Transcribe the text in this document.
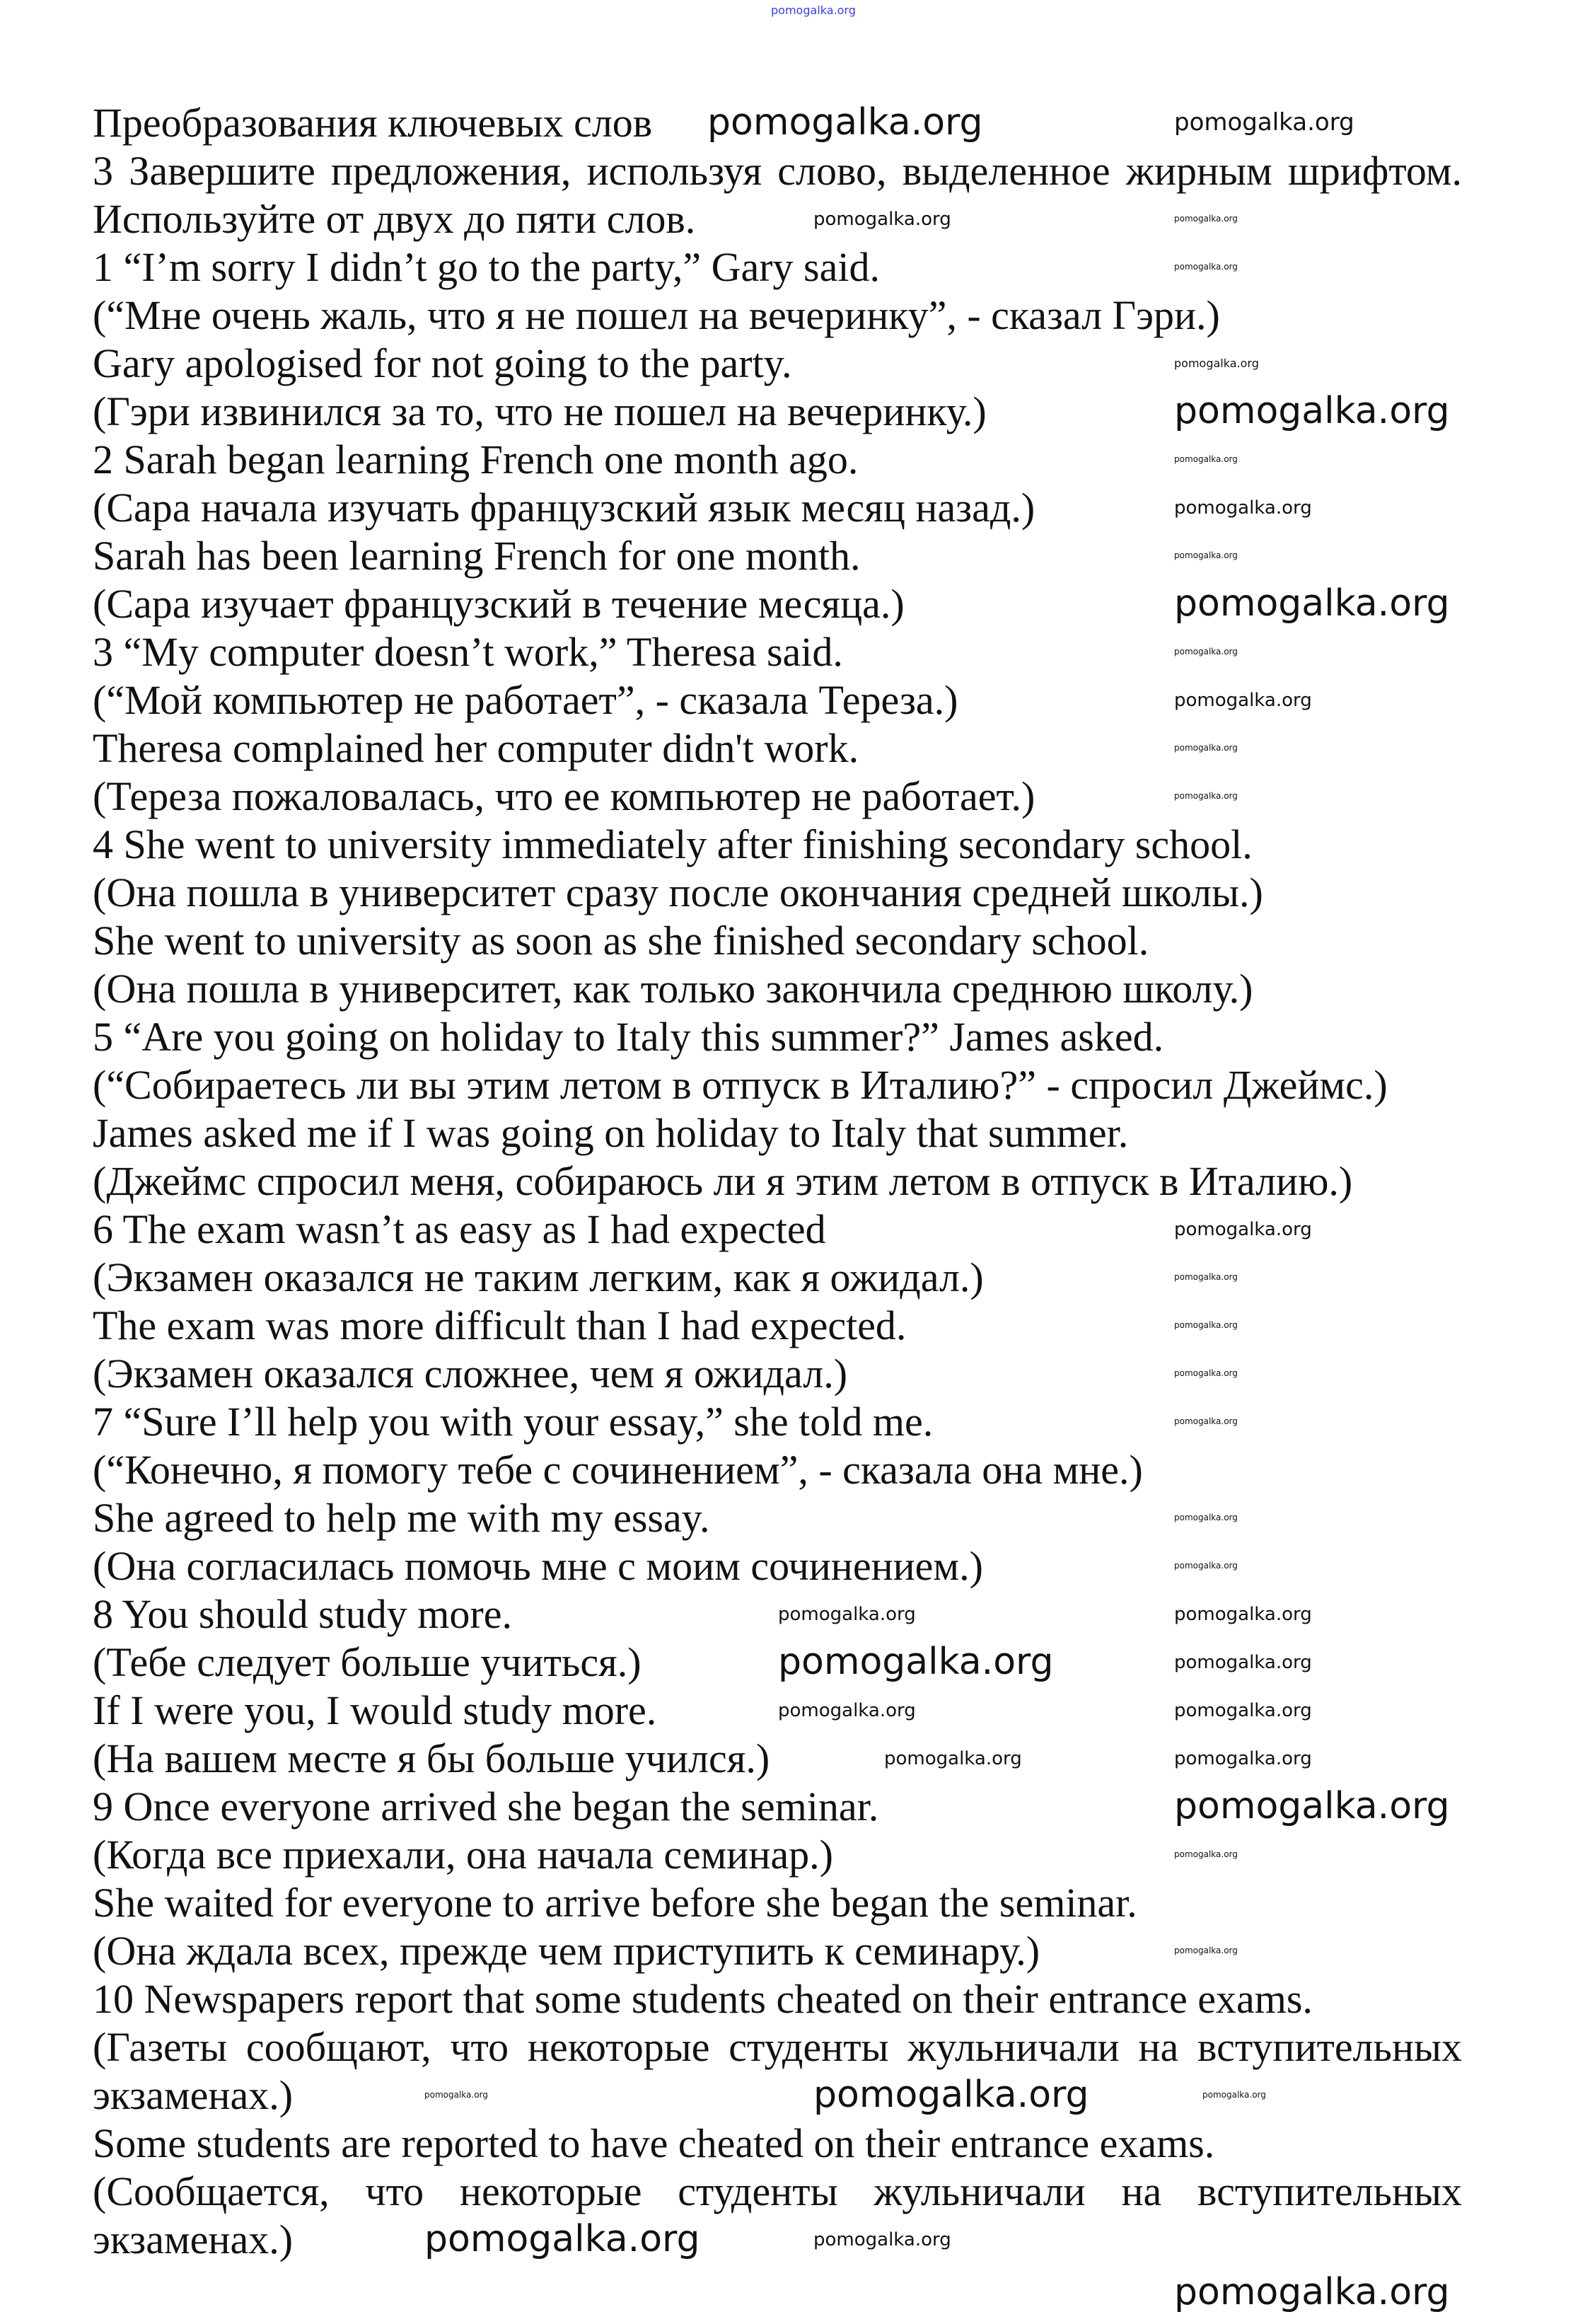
Преобразования ключевых слов
3 Завершите предложения, используя слово, выделенное жирным шрифтом.
Используйте от двух до пяти слов.
1 “I’m sorry I didn’t go to the party,” Gary said.
(“Мне очень жаль, что я не пошел на вечеринку”, - сказал Гэри.)
Gary apologised for not going to the party.
(Гэри извинился за то, что не пошел на вечеринку.)
2 Sarah began learning French one month ago.
(Сара начала изучать французский язык месяц назад.)
Sarah has been learning French for one month.
(Сара изучает французский в течение месяца.)
3 “My computer doesn’t work,” Theresa said.
(“Мой компьютер не работает”, - сказала Тереза.)
Theresa complained her computer didn't work.
(Тереза пожаловалась, что ее компьютер не работает.)
4 She went to university immediately after finishing secondary school.
(Она пошла в университет сразу после окончания средней школы.)
She went to university as soon as she finished secondary school.
(Она пошла в университет, как только закончила среднюю школу.)
5 “Are you going on holiday to Italy this summer?” James asked.
(“Собираетесь ли вы этим летом в отпуск в Италию?” - спросил Джеймс.)
James asked me if I was going on holiday to Italy that summer.
(Джеймс спросил меня, собираюсь ли я этим летом в отпуск в Италию.)
6 The exam wasn’t as easy as I had expected
(Экзамен оказался не таким легким, как я ожидал.)
The exam was more difficult than I had expected.
(Экзамен оказался сложнее, чем я ожидал.)
7 “Sure I’ll help you with your essay,” she told me.
(“Конечно, я помогу тебе с сочинением”, - сказала она мне.)
She agreed to help me with my essay.
(Она согласилась помочь мне с моим сочинением.)
8 You should study more.
(Тебе следует больше учиться.)
If I were you, I would study more.
(На вашем месте я бы больше учился.)
9 Once everyone arrived she began the seminar.
(Когда все приехали, она начала семинар.)
She waited for everyone to arrive before she began the seminar.
(Она ждала всех, прежде чем приступить к семинару.)
10 Newspapers report that some students cheated on their entrance exams.
(Газеты сообщают, что некоторые студенты жульничали на вступительных
экзаменах.)
Some students are reported to have cheated on their entrance exams.
(Сообщается, что некоторые студенты жульничали на вступительных
экзаменах.)
pomogalka.org
pomogalka.org	pomogalka.org
pomogalka.org	pomogalka.org
pomogalka.org
pomogalka.org
pomogalka.org
pomogalka.org
pomogalka.org
pomogalka.org
pomogalka.org
pomogalka.org
pomogalka.org
pomogalka.org
pomogalka.org
pomogalka.org
pomogalka.org
pomogalka.org
pomogalka.org
pomogalka.org
pomogalka.org
pomogalka.org
pomogalka.org	pomogalka.org
pomogalka.org	pomogalka.org
pomogalka.org	pomogalka.org
pomogalka.org
pomogalka.org
pomogalka.org
pomogalka.org
pomogalka.org
pomogalka.org
pomogalka.org
pomogalka.org
pomogalka.org
pomogalka.org
pomogalka.org
